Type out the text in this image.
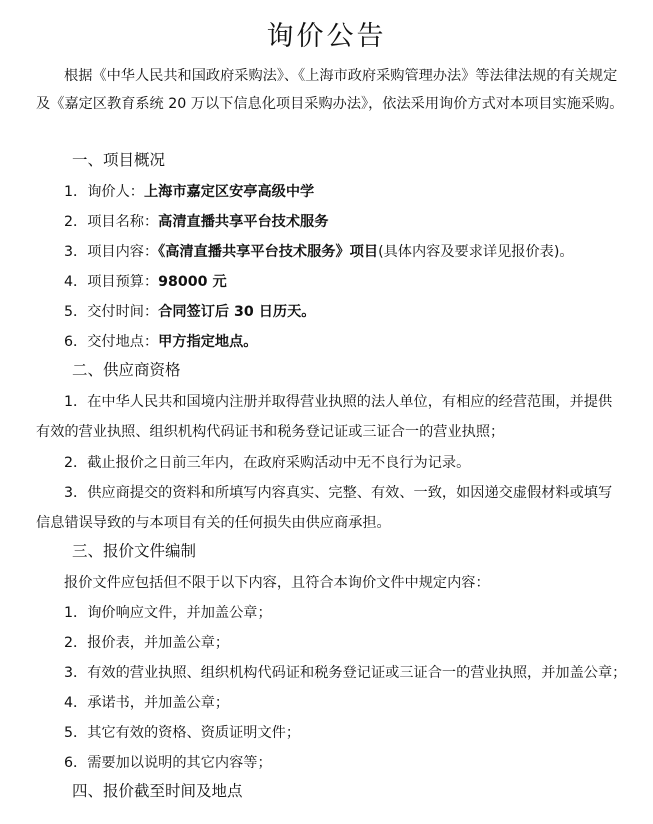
询价公告
根据《中华人民共和国政府采购法》、《上海市政府采购管理办法》等法律法规的有关规定及《嘉定区教育系统 20 万以下信息化项目采购办法》，依法采用询价方式对本项目实施采购。
一、项目概况
1．询价人：上海市嘉定区安亭高级中学
2．项目名称：高清直播共享平台技术服务
3．项目内容：《高清直播共享平台技术服务》项目(具体内容及要求详见报价表)。
4．项目预算：98000 元
5．交付时间：合同签订后 30 日历天。
6．交付地点：甲方指定地点。
二、供应商资格
1．在中华人民共和国境内注册并取得营业执照的法人单位，有相应的经营范围，并提供
有效的营业执照、组织机构代码证书和税务登记证或三证合一的营业执照；
2．截止报价之日前三年内，在政府采购活动中无不良行为记录。
3．供应商提交的资料和所填写内容真实、完整、有效、一致，如因递交虚假材料或填写
信息错误导致的与本项目有关的任何损失由供应商承担。
三、报价文件编制
报价文件应包括但不限于以下内容，且符合本询价文件中规定内容：
1．询价响应文件，并加盖公章；
2．报价表，并加盖公章；
3．有效的营业执照、组织机构代码证和税务登记证或三证合一的营业执照，并加盖公章；
4．承诺书，并加盖公章；
5．其它有效的资格、资质证明文件；
6．需要加以说明的其它内容等；
四、报价截至时间及地点
